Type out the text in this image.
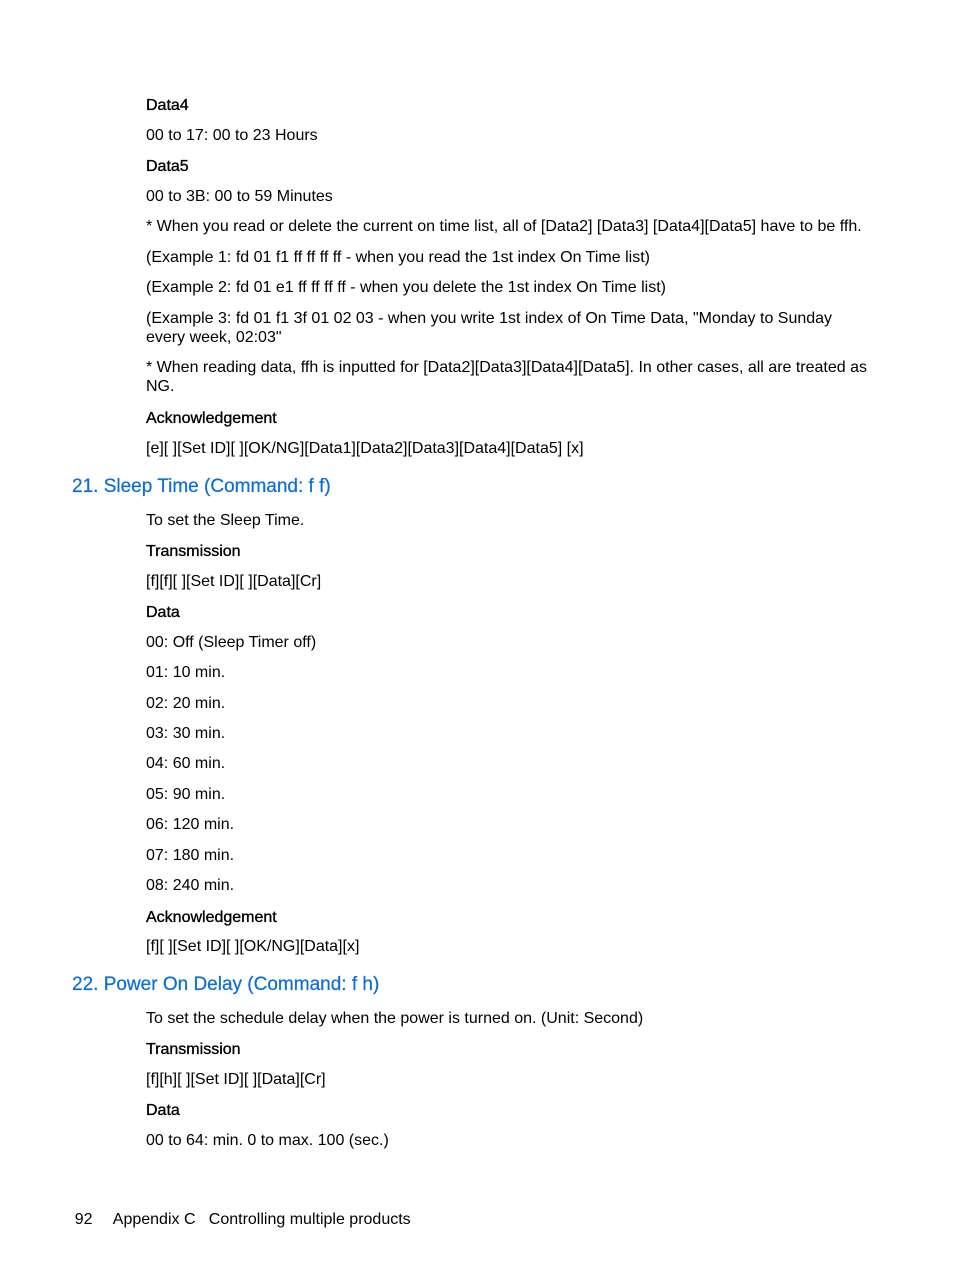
Data4
00 to 17: 00 to 23 Hours
Data5
00 to 3B: 00 to 59 Minutes
* When you read or delete the current on time list, all of [Data2] [Data3] [Data4][Data5] have to be ffh.
(Example 1: fd 01 f1 ff ff ff ff - when you read the 1st index On Time list)
(Example 2: fd 01 e1 ff ff ff ff - when you delete the 1st index On Time list)
(Example 3: fd 01 f1 3f 01 02 03 - when you write 1st index of On Time Data, "Monday to Sunday every week, 02:03"
* When reading data, ffh is inputted for [Data2][Data3][Data4][Data5]. In other cases, all are treated as NG.
Acknowledgement
[e][ ][Set ID][ ][OK/NG][Data1][Data2][Data3][Data4][Data5] [x]
21. Sleep Time (Command: f f)
To set the Sleep Time.
Transmission
[f][f][ ][Set ID][ ][Data][Cr]
Data
00: Off (Sleep Timer off)
01: 10 min.
02: 20 min.
03: 30 min.
04: 60 min.
05: 90 min.
06: 120 min.
07: 180 min.
08: 240 min.
Acknowledgement
[f][ ][Set ID][ ][OK/NG][Data][x]
22. Power On Delay (Command: f h)
To set the schedule delay when the power is turned on. (Unit: Second)
Transmission
[f][h][ ][Set ID][ ][Data][Cr]
Data
00 to 64: min. 0 to max. 100 (sec.)

92 Appendix C Controlling multiple products
